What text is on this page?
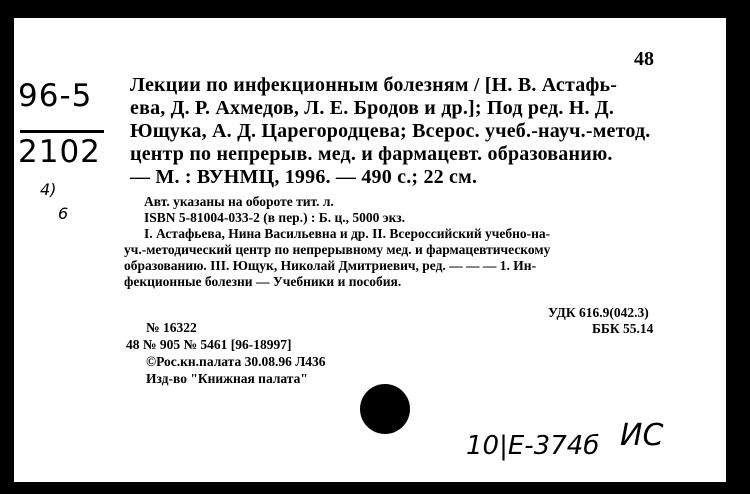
48
96-5
2102
4)
6
Лекции по инфекционным болезням / [Н. В. Астафь-
ева, Д. Р. Ахмедов, Л. Е. Бродов и др.]; Под ред. Н. Д.
Ющука, А. Д. Царегородцева; Всерос. учеб.-науч.-метод.
центр по непрерыв. мед. и фармацевт. образованию.
— М. : ВУНМЦ, 1996. — 490 с.; 22 см.
Авт. указаны на обороте тит. л.
ISBN 5-81004-033-2 (в пер.) : Б. ц., 5000 экз.
I. Астафьева, Нина Васильевна и др. II. Всероссийский учебно-на-
уч.-методический центр по непрерывному мед. и фармацевтическому
образованию. III. Ющук, Николай Дмитриевич, ред. — — — 1. Ин-
фекционные болезни — Учебники и пособия.
УДК 616.9(042.3)
ББК 55.14
№ 16322
48 № 905 № 5461 [96-18997]
©Рос.кн.палата 30.08.96 Л436
Изд-во "Книжная палата"
10|Е-374б ИС
